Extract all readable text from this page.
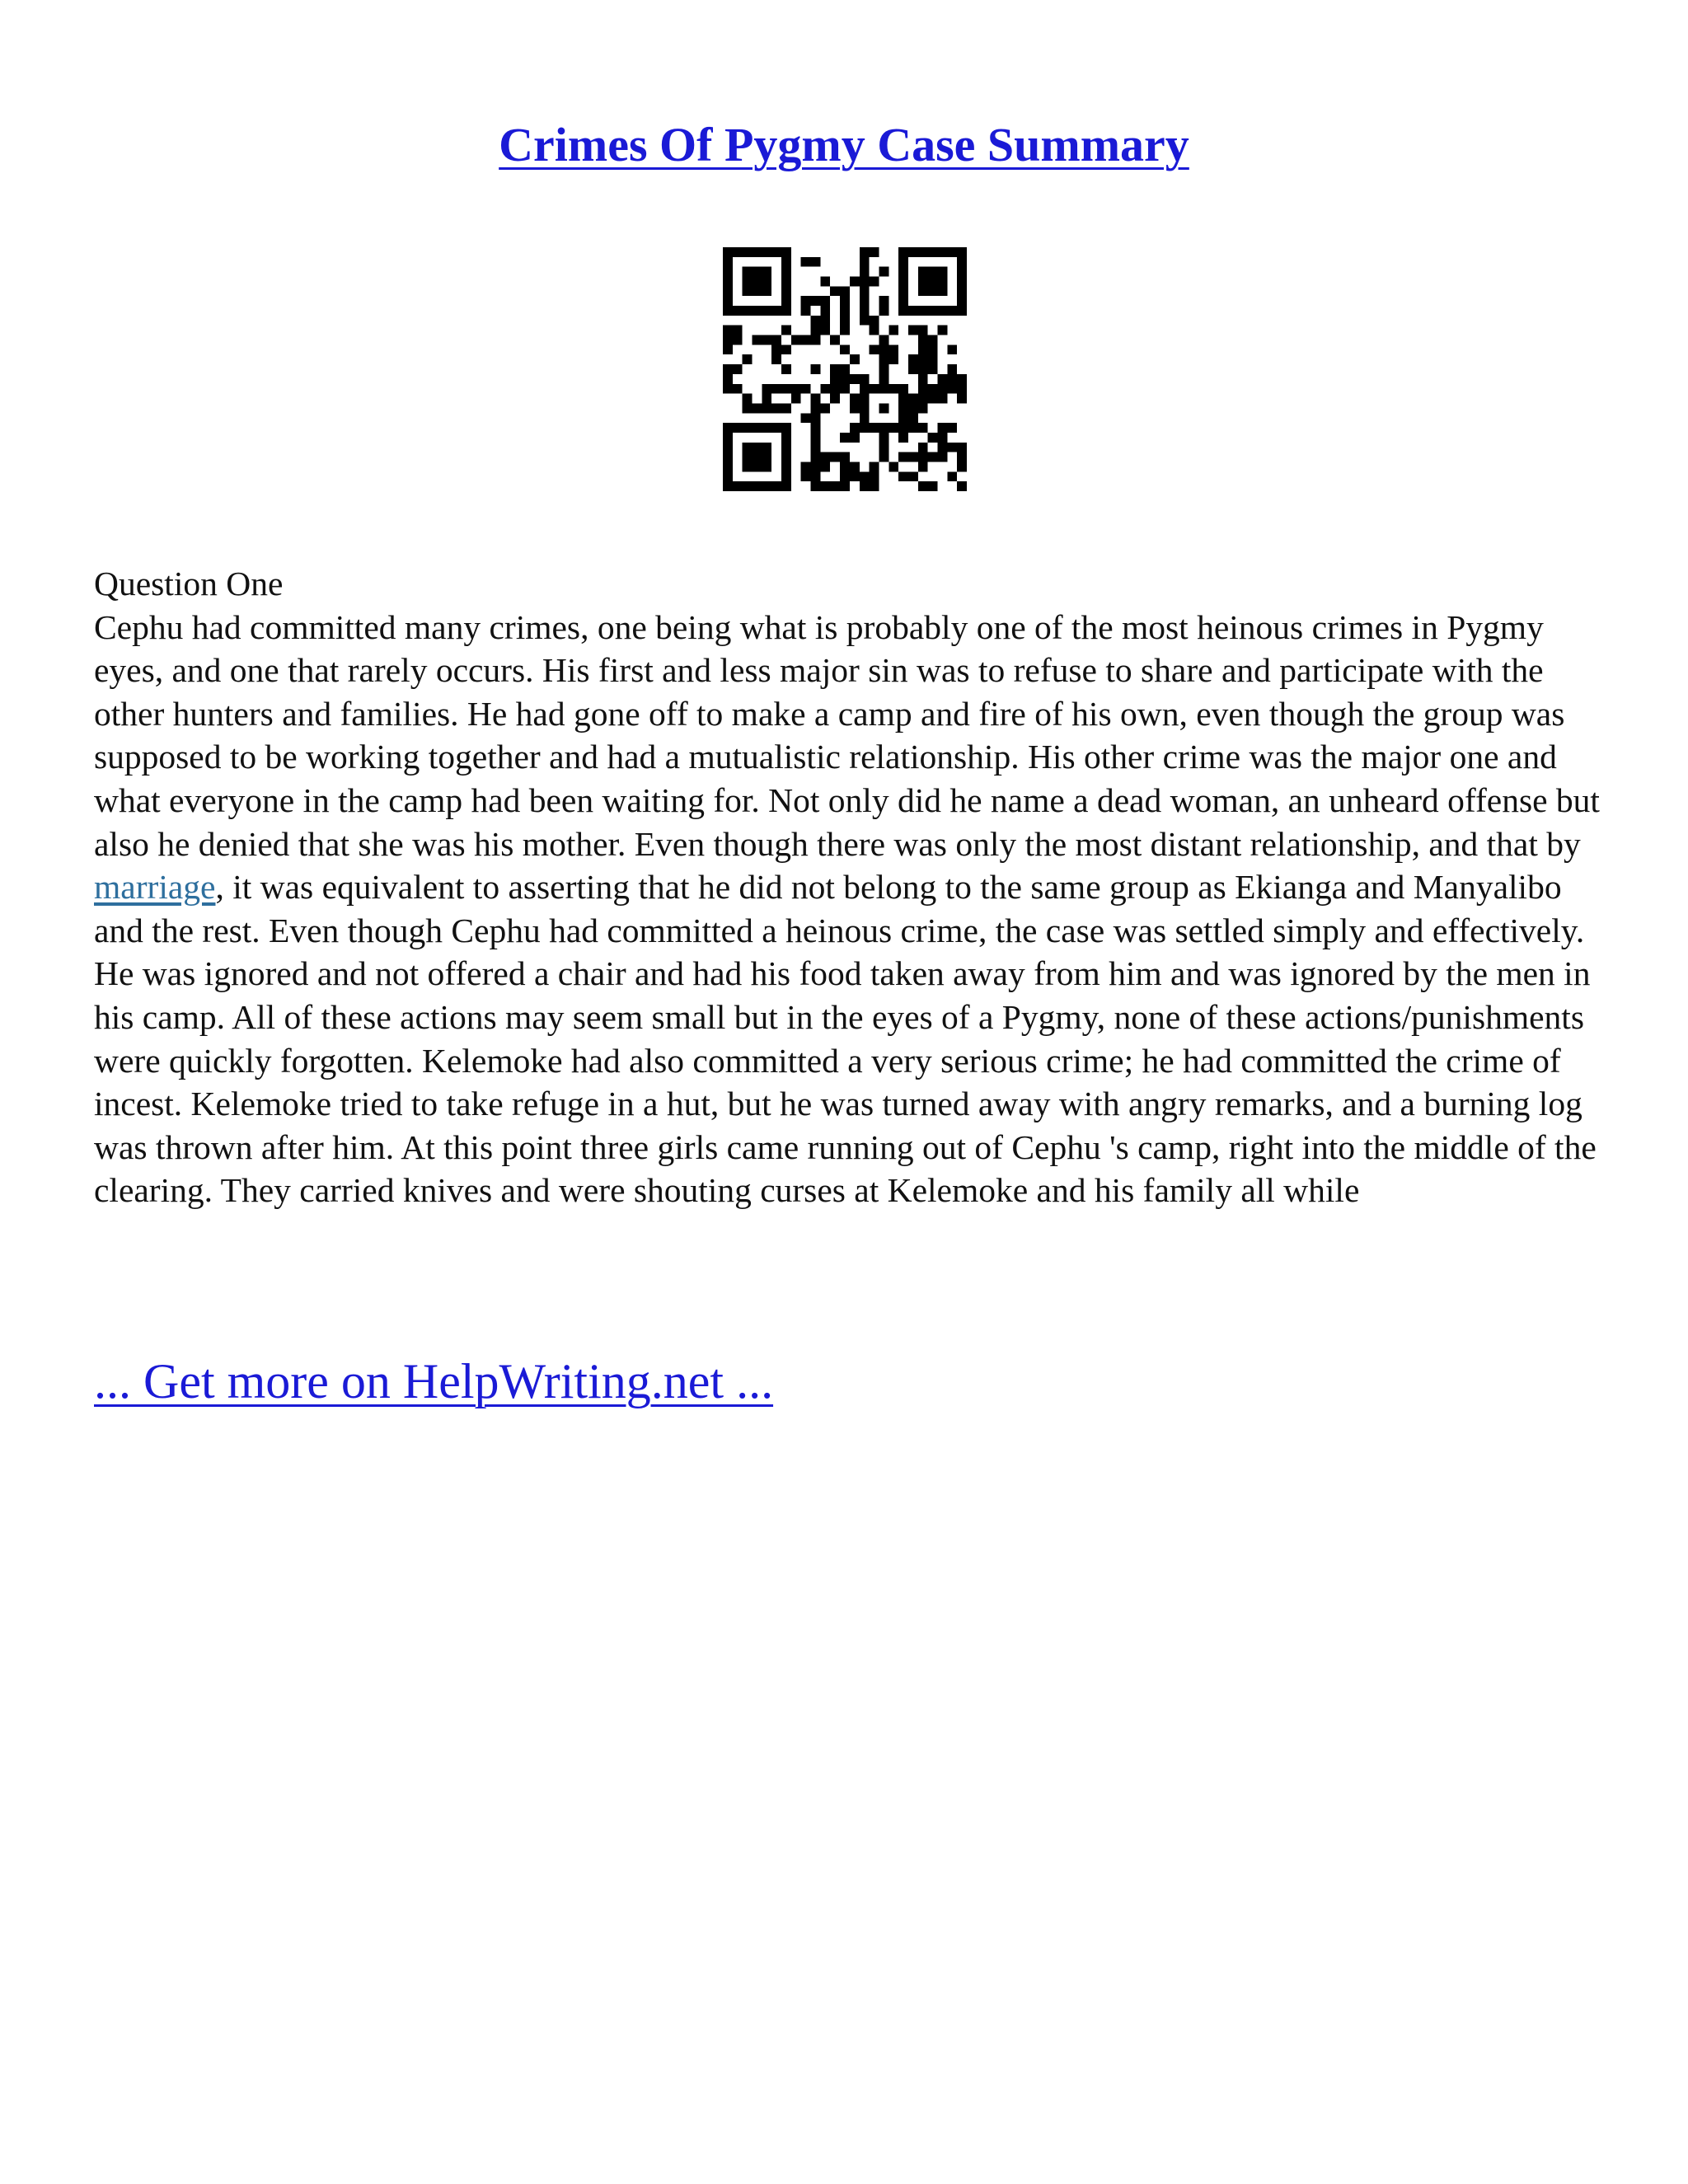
Crimes Of Pygmy Case Summary

Question One

Cephu had committed many crimes, one being what is probably one of the most heinous crimes in Pygmy eyes, and one that rarely occurs. His first and less major sin was to refuse to share and participate with the other hunters and families. He had gone off to make a camp and fire of his own, even though the group was supposed to be working together and had a mutualistic relationship. His other crime was the major one and what everyone in the camp had been waiting for. Not only did he name a dead woman, an unheard offense but also he denied that she was his mother. Even though there was only the most distant relationship, and that by marriage, it was equivalent to asserting that he did not belong to the same group as Ekianga and Manyalibo and the rest. Even though Cephu had committed a heinous crime, the case was settled simply and effectively. He was ignored and not offered a chair and had his food taken away from him and was ignored by the men in his camp. All of these actions may seem small but in the eyes of a Pygmy, none of these actions/punishments were quickly forgotten. Kelemoke had also committed a very serious crime; he had committed the crime of incest. Kelemoke tried to take refuge in a hut, but he was turned away with angry remarks, and a burning log was thrown after him. At this point three girls came running out of Cephu 's camp, right into the middle of the clearing. They carried knives and were shouting curses at Kelemoke and his family all while

... Get more on HelpWriting.net ...
